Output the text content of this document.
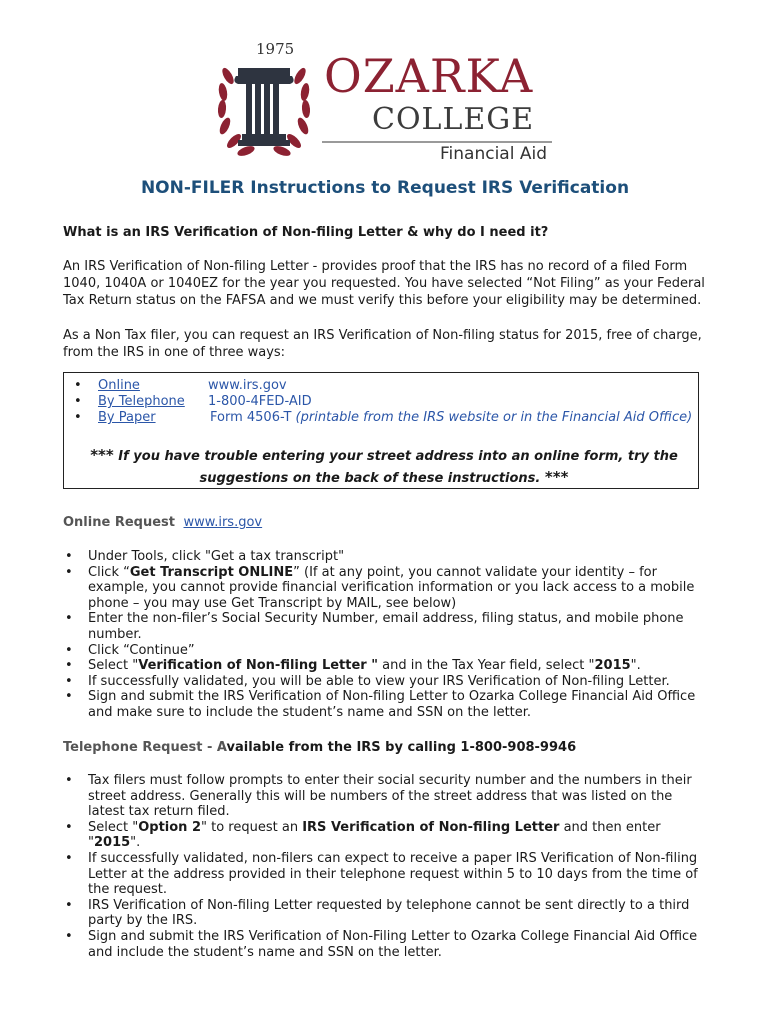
1975 OZARKA
COLLEGE
Financial Aid
NON-FILER Instructions to Request IRS Verification
What is an IRS Verification of Non-filing Letter & why do I need it?
An IRS Verification of Non-filing Letter - provides proof that the IRS has no record of a filed Form 1040, 1040A or 1040EZ for the year you requested. You have selected “Not Filing” as your Federal Tax Return status on the FAFSA and we must verify this before your eligibility may be determined.
As a Non Tax filer, you can request an IRS Verification of Non-filing status for 2015, free of charge, from the IRS in one of three ways:
• Online	www.irs.gov
• By Telephone 1-800-4FED-AID
• By Paper	Form 4506-T (printable from the IRS website or in the Financial Aid Office)
*** If you have trouble entering your street address into an online form, try the
suggestions on the back of these instructions. ***
Online Request www.irs.gov
• Under Tools, click "Get a tax transcript"
• Click “Get Transcript ONLINE” (If at any point, you cannot validate your identity – for example, you cannot provide financial verification information or you lack access to a mobile phone – you may use Get Transcript by MAIL, see below)
• Enter the non-filer’s Social Security Number, email address, filing status, and mobile phone number.
• Click “Continue”
• Select "Verification of Non-filing Letter " and in the Tax Year field, select "2015".
• If successfully validated, you will be able to view your IRS Verification of Non-filing Letter.
• Sign and submit the IRS Verification of Non-filing Letter to Ozarka College Financial Aid Office and make sure to include the student’s name and SSN on the letter.
Telephone Request - Available from the IRS by calling 1-800-908-9946
• Tax filers must follow prompts to enter their social security number and the numbers in their street address. Generally this will be numbers of the street address that was listed on the latest tax return filed.
• Select "Option 2" to request an IRS Verification of Non-filing Letter and then enter "2015".
• If successfully validated, non-filers can expect to receive a paper IRS Verification of Non-filing Letter at the address provided in their telephone request within 5 to 10 days from the time of the request.
• IRS Verification of Non-filing Letter requested by telephone cannot be sent directly to a third party by the IRS.
• Sign and submit the IRS Verification of Non-Filing Letter to Ozarka College Financial Aid Office and include the student’s name and SSN on the letter.
